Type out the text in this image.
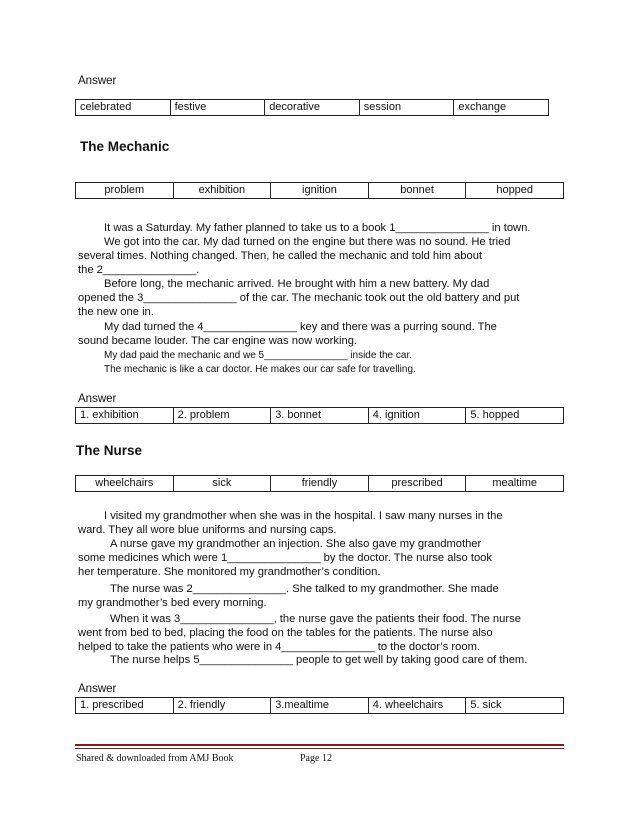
Answer
celebrated	festive	decorative	session	exchange
The Mechanic
problem	exhibition	ignition	bonnet	hopped
It was a Saturday. My father planned to take us to a book 1_______________ in town.
We got into the car. My dad turned on the engine but there was no sound. He tried
several times. Nothing changed. Then, he called the mechanic and told him about
the 2_______________.
Before long, the mechanic arrived. He brought with him a new battery. My dad
opened the 3_______________ of the car. The mechanic took out the old battery and put
the new one in.
My dad turned the 4_______________ key and there was a purring sound. The
sound became louder. The car engine was now working.
My dad paid the mechanic and we 5_______________ inside the car.
The mechanic is like a car doctor. He makes our car safe for travelling.
Answer
1. exhibition	2. problem	3. bonnet	4. ignition	5. hopped
The Nurse
wheelchairs	sick	friendly	prescribed	mealtime
I visited my grandmother when she was in the hospital. I saw many nurses in the
ward. They all wore blue uniforms and nursing caps.
A nurse gave my grandmother an injection. She also gave my grandmother
some medicines which were 1_______________ by the doctor. The nurse also took
her temperature. She monitored my grandmother’s condition.
The nurse was 2_______________. She talked to my grandmother. She made
my grandmother’s bed every morning.
When it was 3_______________, the nurse gave the patients their food. The nurse
went from bed to bed, placing the food on the tables for the patients. The nurse also
helped to take the patients who were in 4_______________ to the doctor’s room.
The nurse helps 5_______________ people to get well by taking good care of them.
Answer
1. prescribed	2. friendly	3.mealtime	4. wheelchairs	5. sick
Shared & downloaded from AMJ Book	Page 12
